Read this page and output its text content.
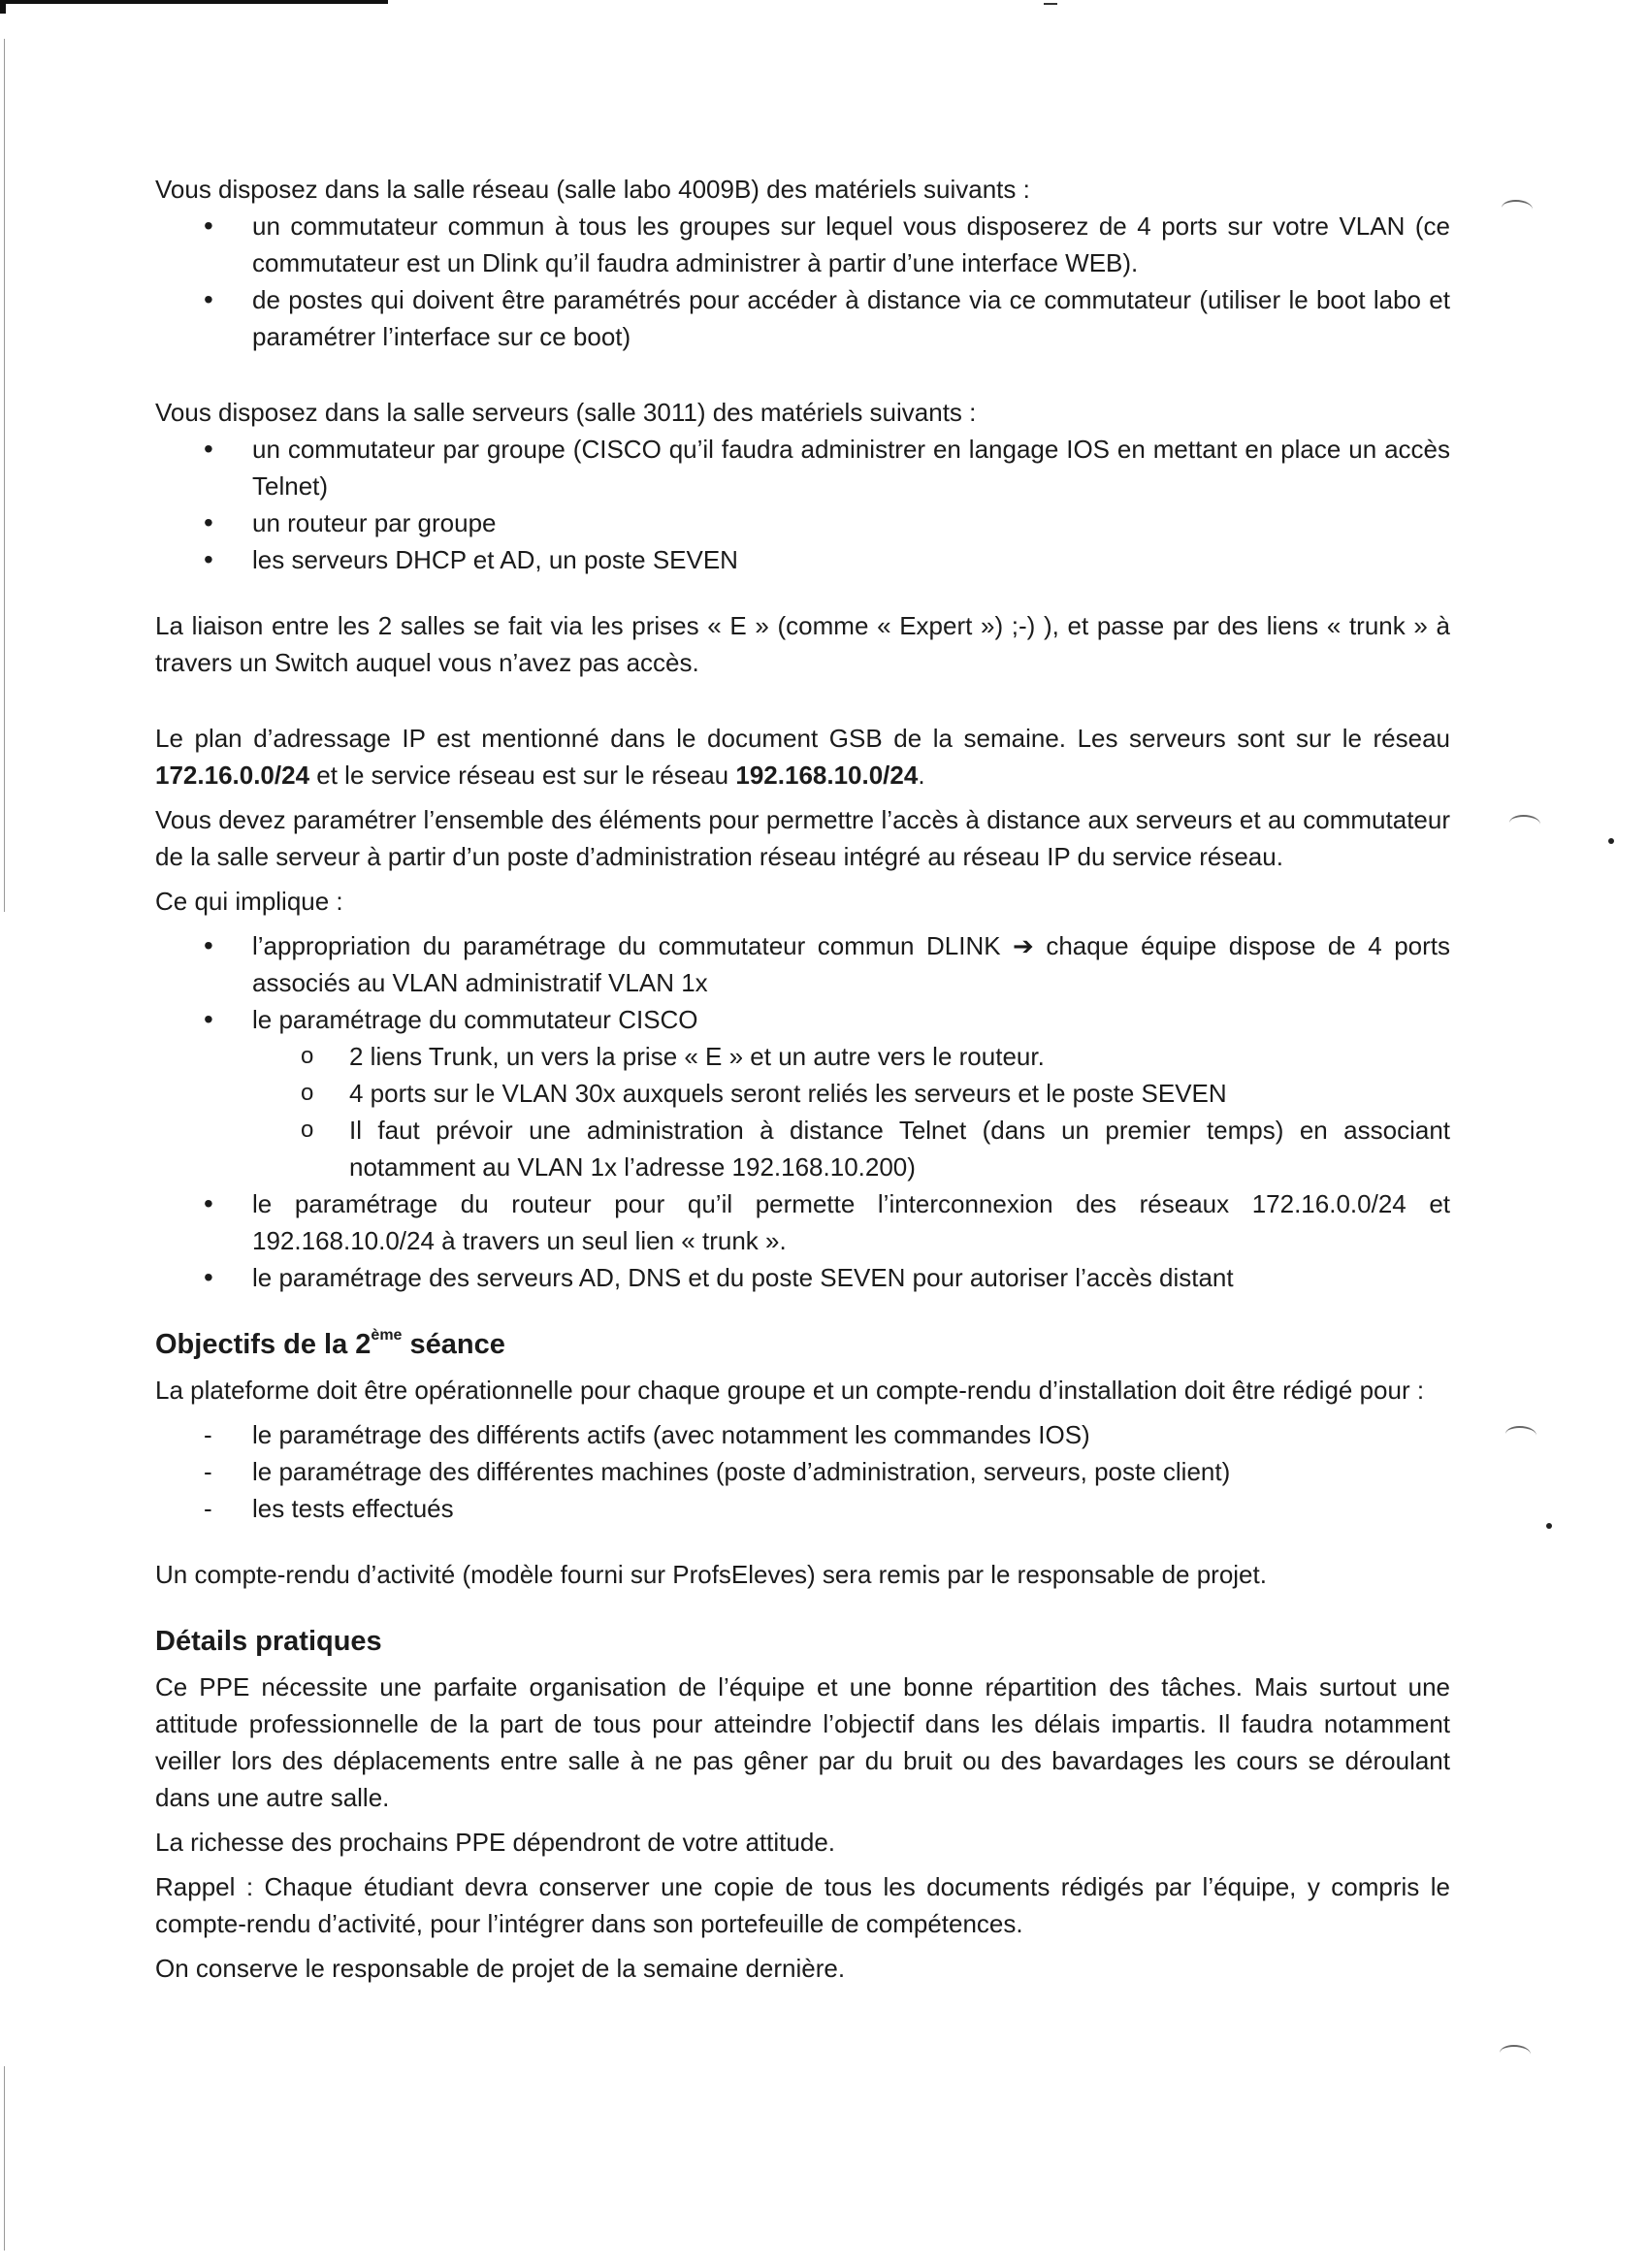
Vous disposez dans la salle réseau (salle labo 4009B) des matériels suivants :

• un commutateur commun à tous les groupes sur lequel vous disposerez de 4 ports sur votre VLAN (ce commutateur est un Dlink qu’il faudra administrer à partir d’une interface WEB).
• de postes qui doivent être paramétrés pour accéder à distance via ce commutateur (utiliser le boot labo et paramétrer l’interface sur ce boot)

Vous disposez dans la salle serveurs (salle 3011) des matériels suivants :

• un commutateur par groupe (CISCO qu’il faudra administrer en langage IOS en mettant en place un accès Telnet)
• un routeur par groupe
• les serveurs DHCP et AD, un poste SEVEN

La liaison entre les 2 salles se fait via les prises « E » (comme « Expert ») ;-) ), et passe par des liens « trunk » à travers un Switch auquel vous n’avez pas accès.

Le plan d’adressage IP est mentionné dans le document GSB de la semaine. Les serveurs sont sur le réseau 172.16.0.0/24 et le service réseau est sur le réseau 192.168.10.0/24.

Vous devez paramétrer l’ensemble des éléments pour permettre l’accès à distance aux serveurs et au commutateur de la salle serveur à partir d’un poste d’administration réseau intégré au réseau IP du service réseau.

Ce qui implique :

• l’appropriation du paramétrage du commutateur commun DLINK ➔ chaque équipe dispose de 4 ports associés au VLAN administratif VLAN 1x
• le paramétrage du commutateur CISCO
o 2 liens Trunk, un vers la prise « E » et un autre vers le routeur.
o 4 ports sur le VLAN 30x auxquels seront reliés les serveurs et le poste SEVEN
o Il faut prévoir une administration à distance Telnet (dans un premier temps) en associant notamment au VLAN 1x l’adresse 192.168.10.200)
• le paramétrage du routeur pour qu’il permette l’interconnexion des réseaux 172.16.0.0/24 et 192.168.10.0/24 à travers un seul lien « trunk ».
• le paramétrage des serveurs AD, DNS et du poste SEVEN pour autoriser l’accès distant
Objectifs de la 2ème séance

La plateforme doit être opérationnelle pour chaque groupe et un compte-rendu d’installation doit être rédigé pour :

- le paramétrage des différents actifs (avec notamment les commandes IOS)
- le paramétrage des différentes machines (poste d’administration, serveurs, poste client)
- les tests effectués

Un compte-rendu d’activité (modèle fourni sur ProfsEleves) sera remis par le responsable de projet.

Détails pratiques

Ce PPE nécessite une parfaite organisation de l’équipe et une bonne répartition des tâches. Mais surtout une attitude professionnelle de la part de tous pour atteindre l’objectif dans les délais impartis. Il faudra notamment veiller lors des déplacements entre salle à ne pas gêner par du bruit ou des bavardages les cours se déroulant dans une autre salle.

La richesse des prochains PPE dépendront de votre attitude.

Rappel : Chaque étudiant devra conserver une copie de tous les documents rédigés par l’équipe, y compris le compte-rendu d’activité, pour l’intégrer dans son portefeuille de compétences.

On conserve le responsable de projet de la semaine dernière.
